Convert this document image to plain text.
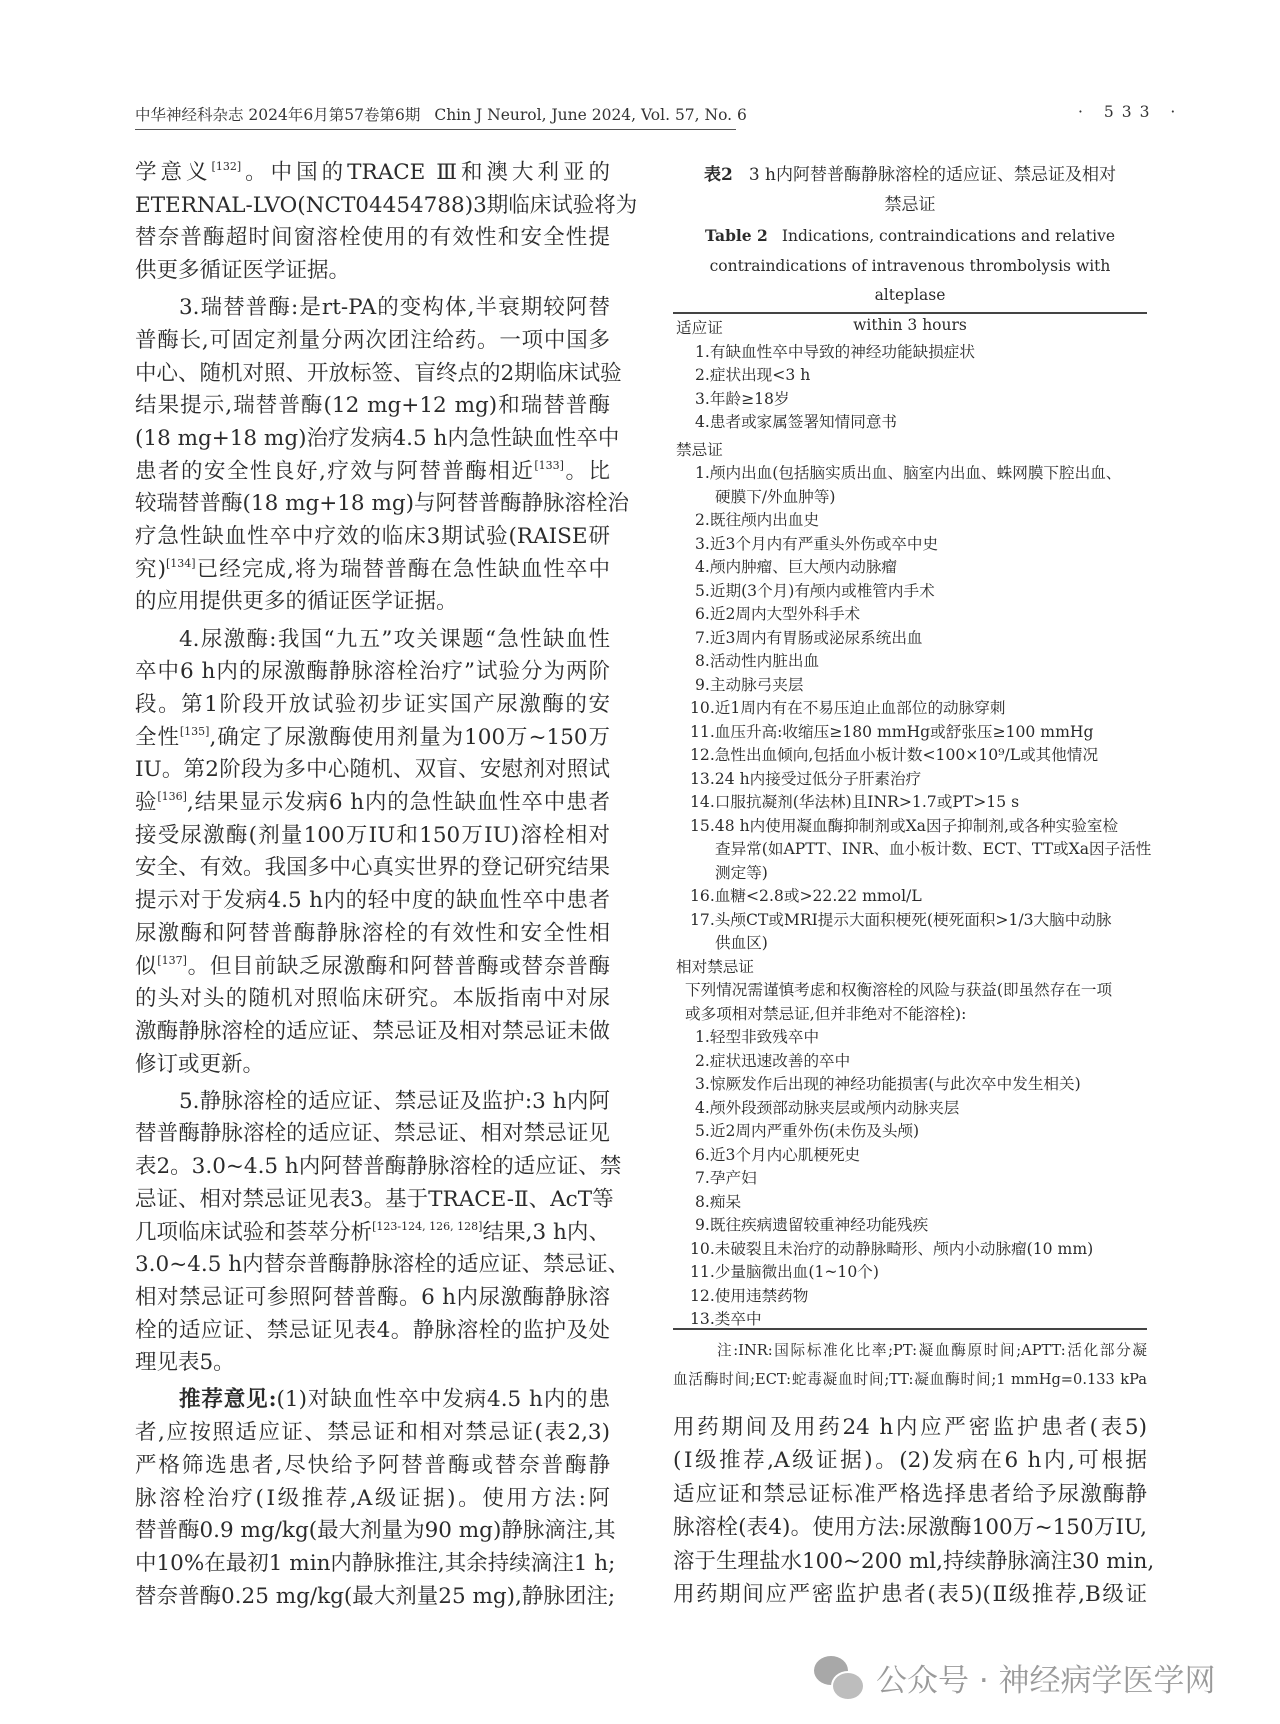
中华神经科杂志 2024年6月第57卷第6期 Chin J Neurol, June 2024, Vol. 57, No. 6	· 533 ·
学意义[132]。中国的TRACE Ⅲ和澳大利亚的
ETERNAL-LVO(NCT04454788)3期临床试验将为
替奈普酶超时间窗溶栓使用的有效性和安全性提
供更多循证医学证据。
3.瑞替普酶:是rt-PA的变构体,半衰期较阿替
普酶长,可固定剂量分两次团注给药。一项中国多
中心、随机对照、开放标签、盲终点的2期临床试验
结果提示,瑞替普酶(12 mg+12 mg)和瑞替普酶
(18 mg+18 mg)治疗发病4.5 h内急性缺血性卒中
患者的安全性良好,疗效与阿替普酶相近[133]。比
较瑞替普酶(18 mg+18 mg)与阿替普酶静脉溶栓治
疗急性缺血性卒中疗效的临床3期试验(RAISE研
究)[134]已经完成,将为瑞替普酶在急性缺血性卒中
的应用提供更多的循证医学证据。
4.尿激酶:我国“九五”攻关课题“急性缺血性
卒中6 h内的尿激酶静脉溶栓治疗”试验分为两阶
段。第1阶段开放试验初步证实国产尿激酶的安
全性[135],确定了尿激酶使用剂量为100万~150万
IU。第2阶段为多中心随机、双盲、安慰剂对照试
验[136],结果显示发病6 h内的急性缺血性卒中患者
接受尿激酶(剂量100万IU和150万IU)溶栓相对
安全、有效。我国多中心真实世界的登记研究结果
提示对于发病4.5 h内的轻中度的缺血性卒中患者
尿激酶和阿替普酶静脉溶栓的有效性和安全性相
似[137]。但目前缺乏尿激酶和阿替普酶或替奈普酶
的头对头的随机对照临床研究。本版指南中对尿
激酶静脉溶栓的适应证、禁忌证及相对禁忌证未做
修订或更新。
5.静脉溶栓的适应证、禁忌证及监护:3 h内阿
替普酶静脉溶栓的适应证、禁忌证、相对禁忌证见
表2。3.0~4.5 h内阿替普酶静脉溶栓的适应证、禁
忌证、相对禁忌证见表3。基于TRACE-Ⅱ、AcT等
几项临床试验和荟萃分析[123-124, 126, 128]结果,3 h内、
3.0~4.5 h内替奈普酶静脉溶栓的适应证、禁忌证、
相对禁忌证可参照阿替普酶。6 h内尿激酶静脉溶
栓的适应证、禁忌证见表4。静脉溶栓的监护及处
理见表5。
推荐意见:(1)对缺血性卒中发病4.5 h内的患
者,应按照适应证、禁忌证和相对禁忌证(表2,3)
严格筛选患者,尽快给予阿替普酶或替奈普酶静
脉溶栓治疗(Ⅰ级推荐,A级证据)。使用方法:阿
替普酶0.9 mg/kg(最大剂量为90 mg)静脉滴注,其
中10%在最初1 min内静脉推注,其余持续滴注1 h;
替奈普酶0.25 mg/kg(最大剂量25 mg),静脉团注;
表2 3 h内阿替普酶静脉溶栓的适应证、禁忌证及相对
禁忌证
Table 2 Indications, contraindications and relative
contraindications of intravenous thrombolysis with alteplase
within 3 hours
适应证
1.有缺血性卒中导致的神经功能缺损症状
2.症状出现<3 h
3.年龄≥18岁
4.患者或家属签署知情同意书
禁忌证
1.颅内出血(包括脑实质出血、脑室内出血、蛛网膜下腔出血、
硬膜下/外血肿等)
2.既往颅内出血史
3.近3个月内有严重头外伤或卒中史
4.颅内肿瘤、巨大颅内动脉瘤
5.近期(3个月)有颅内或椎管内手术
6.近2周内大型外科手术
7.近3周内有胃肠或泌尿系统出血
8.活动性内脏出血
9.主动脉弓夹层
10.近1周内有在不易压迫止血部位的动脉穿刺
11.血压升高:收缩压≥180 mmHg或舒张压≥100 mmHg
12.急性出血倾向,包括血小板计数<100×10⁹/L或其他情况
13.24 h内接受过低分子肝素治疗
14.口服抗凝剂(华法林)且INR>1.7或PT>15 s
15.48 h内使用凝血酶抑制剂或Xa因子抑制剂,或各种实验室检
查异常(如APTT、INR、血小板计数、ECT、TT或Xa因子活性
测定等)
16.血糖<2.8或>22.22 mmol/L
17.头颅CT或MRI提示大面积梗死(梗死面积>1/3大脑中动脉
供血区)
相对禁忌证
下列情况需谨慎考虑和权衡溶栓的风险与获益(即虽然存在一项
或多项相对禁忌证,但并非绝对不能溶栓):
1.轻型非致残卒中
2.症状迅速改善的卒中
3.惊厥发作后出现的神经功能损害(与此次卒中发生相关)
4.颅外段颈部动脉夹层或颅内动脉夹层
5.近2周内严重外伤(未伤及头颅)
6.近3个月内心肌梗死史
7.孕产妇
8.痴呆
9.既往疾病遗留较重神经功能残疾
10.未破裂且未治疗的动静脉畸形、颅内小动脉瘤(10 mm)
11.少量脑微出血(1~10个)
12.使用违禁药物
13.类卒中
注:INR:国际标准化比率;PT:凝血酶原时间;APTT:活化部分凝
血活酶时间;ECT:蛇毒凝血时间;TT:凝血酶时间;1 mmHg=0.133 kPa
用药期间及用药24 h内应严密监护患者(表5)
(Ⅰ级推荐,A级证据)。(2)发病在6 h内,可根据
适应证和禁忌证标准严格选择患者给予尿激酶静
脉溶栓(表4)。使用方法:尿激酶100万~150万IU,
溶于生理盐水100~200 ml,持续静脉滴注30 min,
用药期间应严密监护患者(表5)(Ⅱ级推荐,B级证
公众号 · 神经病学医学网
